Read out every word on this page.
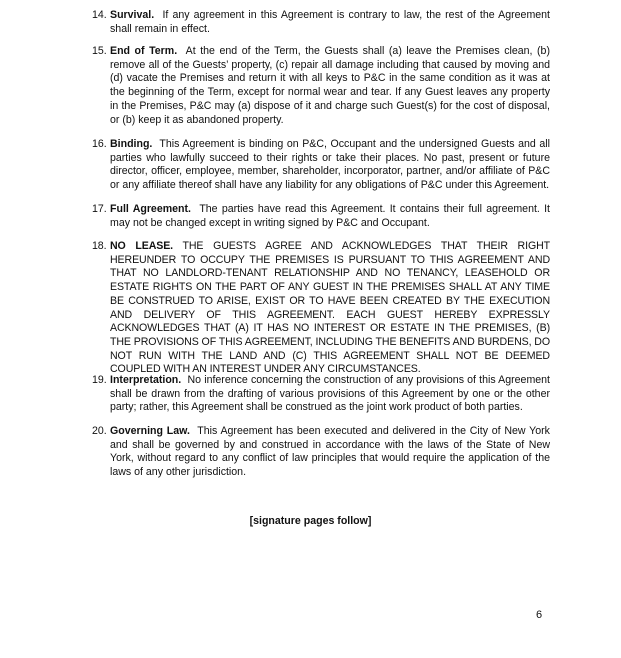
14. Survival. If any agreement in this Agreement is contrary to law, the rest of the Agreement shall remain in effect.
15. End of Term. At the end of the Term, the Guests shall (a) leave the Premises clean, (b) remove all of the Guests’ property, (c) repair all damage including that caused by moving and (d) vacate the Premises and return it with all keys to P&C in the same condition as it was at the beginning of the Term, except for normal wear and tear. If any Guest leaves any property in the Premises, P&C may (a) dispose of it and charge such Guest(s) for the cost of disposal, or (b) keep it as abandoned property.
16. Binding. This Agreement is binding on P&C, Occupant and the undersigned Guests and all parties who lawfully succeed to their rights or take their places. No past, present or future director, officer, employee, member, shareholder, incorporator, partner, and/or affiliate of P&C or any affiliate thereof shall have any liability for any obligations of P&C under this Agreement.
17. Full Agreement. The parties have read this Agreement. It contains their full agreement. It may not be changed except in writing signed by P&C and Occupant.
18. NO LEASE. THE GUESTS AGREE AND ACKNOWLEDGES THAT THEIR RIGHT HEREUNDER TO OCCUPY THE PREMISES IS PURSUANT TO THIS AGREEMENT AND THAT NO LANDLORD-TENANT RELATIONSHIP AND NO TENANCY, LEASEHOLD OR ESTATE RIGHTS ON THE PART OF ANY GUEST IN THE PREMISES SHALL AT ANY TIME BE CONSTRUED TO ARISE, EXIST OR TO HAVE BEEN CREATED BY THE EXECUTION AND DELIVERY OF THIS AGREEMENT. EACH GUEST HEREBY EXPRESSLY ACKNOWLEDGES THAT (A) IT HAS NO INTEREST OR ESTATE IN THE PREMISES, (B) THE PROVISIONS OF THIS AGREEMENT, INCLUDING THE BENEFITS AND BURDENS, DO NOT RUN WITH THE LAND AND (C) THIS AGREEMENT SHALL NOT BE DEEMED COUPLED WITH AN INTEREST UNDER ANY CIRCUMSTANCES.
19. Interpretation. No inference concerning the construction of any provisions of this Agreement shall be drawn from the drafting of various provisions of this Agreement by one or the other party; rather, this Agreement shall be construed as the joint work product of both parties.
20. Governing Law. This Agreement has been executed and delivered in the City of New York and shall be governed by and construed in accordance with the laws of the State of New York, without regard to any conflict of law principles that would require the application of the laws of any other jurisdiction.
[signature pages follow]
6
